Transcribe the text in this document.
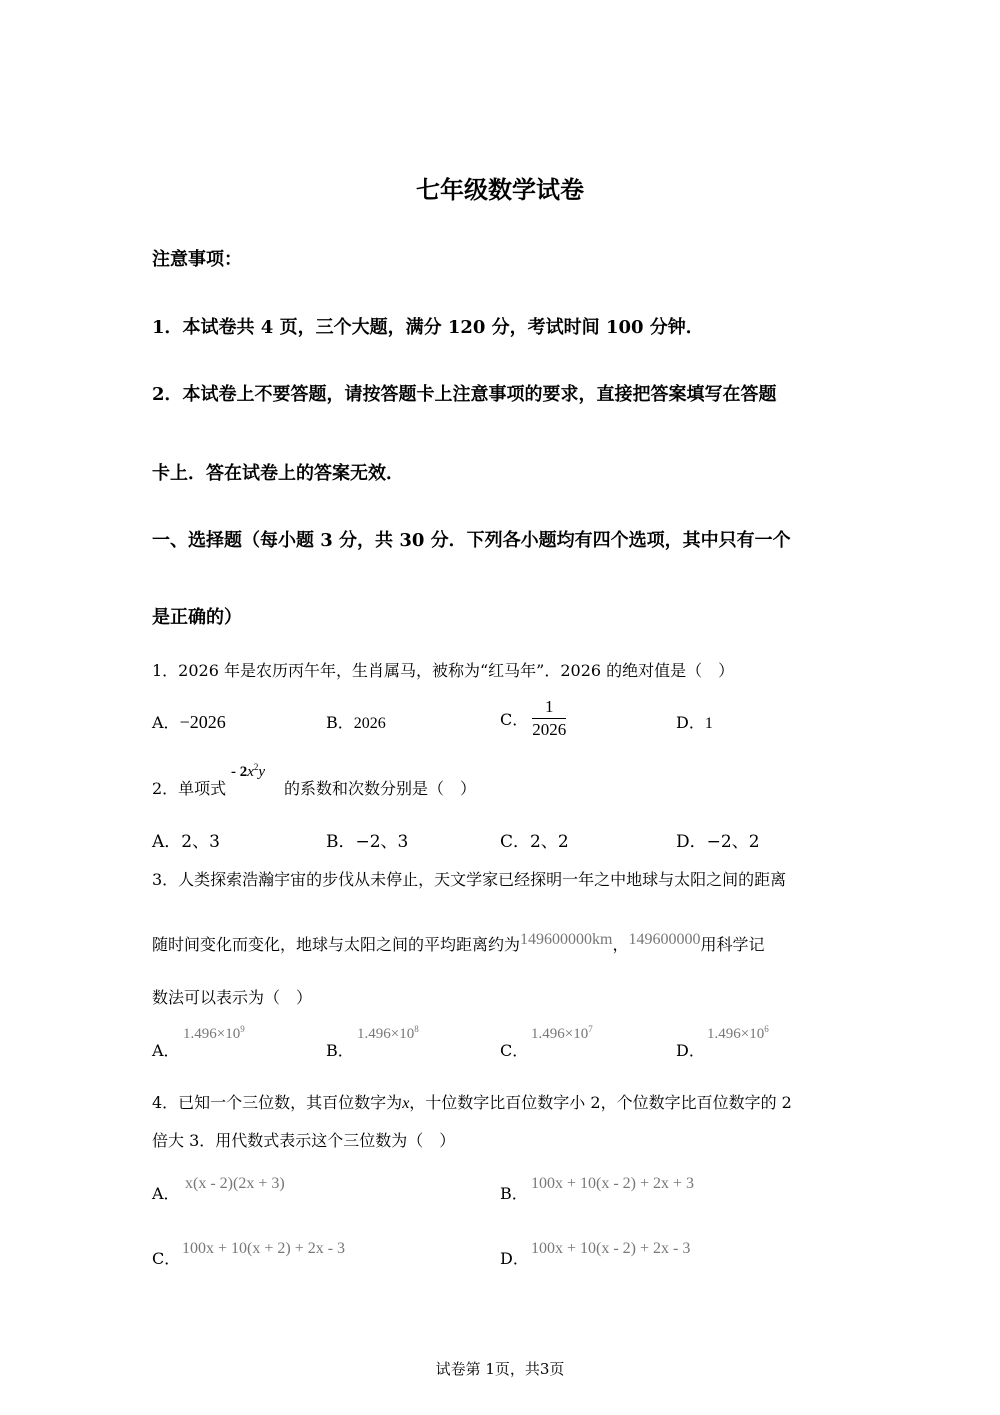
七年级数学试卷
注意事项：
1．本试卷共 4 页，三个大题，满分 120 分，考试时间 100 分钟．
2．本试卷上不要答题，请按答题卡上注意事项的要求，直接把答案填写在答题
卡上．答在试卷上的答案无效．
一、选择题（每小题 3 分，共 30 分．下列各小题均有四个选项，其中只有一个
是正确的）
1．2026 年是农历丙午年，生肖属马，被称为“红马年”．2026 的绝对值是（　）
A．−2026	B．2026	C． $\frac{1}{2026}$	D．1
2．单项式
- $2x^2y$
的系数和次数分别是（　）
A．2、3	B．−2、3	C．2、2	D．−2、2
3．人类探索浩瀚宇宙的步伐从未停止，天文学家已经探明一年之中地球与太阳之间的距离
随时间变化而变化，地球与太阳之间的平均距离约为149600000km，149600000用科学记
数法可以表示为（　）
A．
$1.496\times 10^9$
B．
$1.496\times 10^8$
C．
$1.496\times 10^7$
D．
$1.496\times 10^6$
4．已知一个三位数，其百位数字为x，十位数字比百位数字小 2，个位数字比百位数字的 2
倍大 3．用代数式表示这个三位数为（　）
A．
x(x - 2)(2x + 3)
B．
100x + 10(x - 2) + 2x + 3
C．
100x + 10(x + 2) + 2x - 3
D．
100x + 10(x - 2) + 2x - 3
试卷第 1页，共3页
